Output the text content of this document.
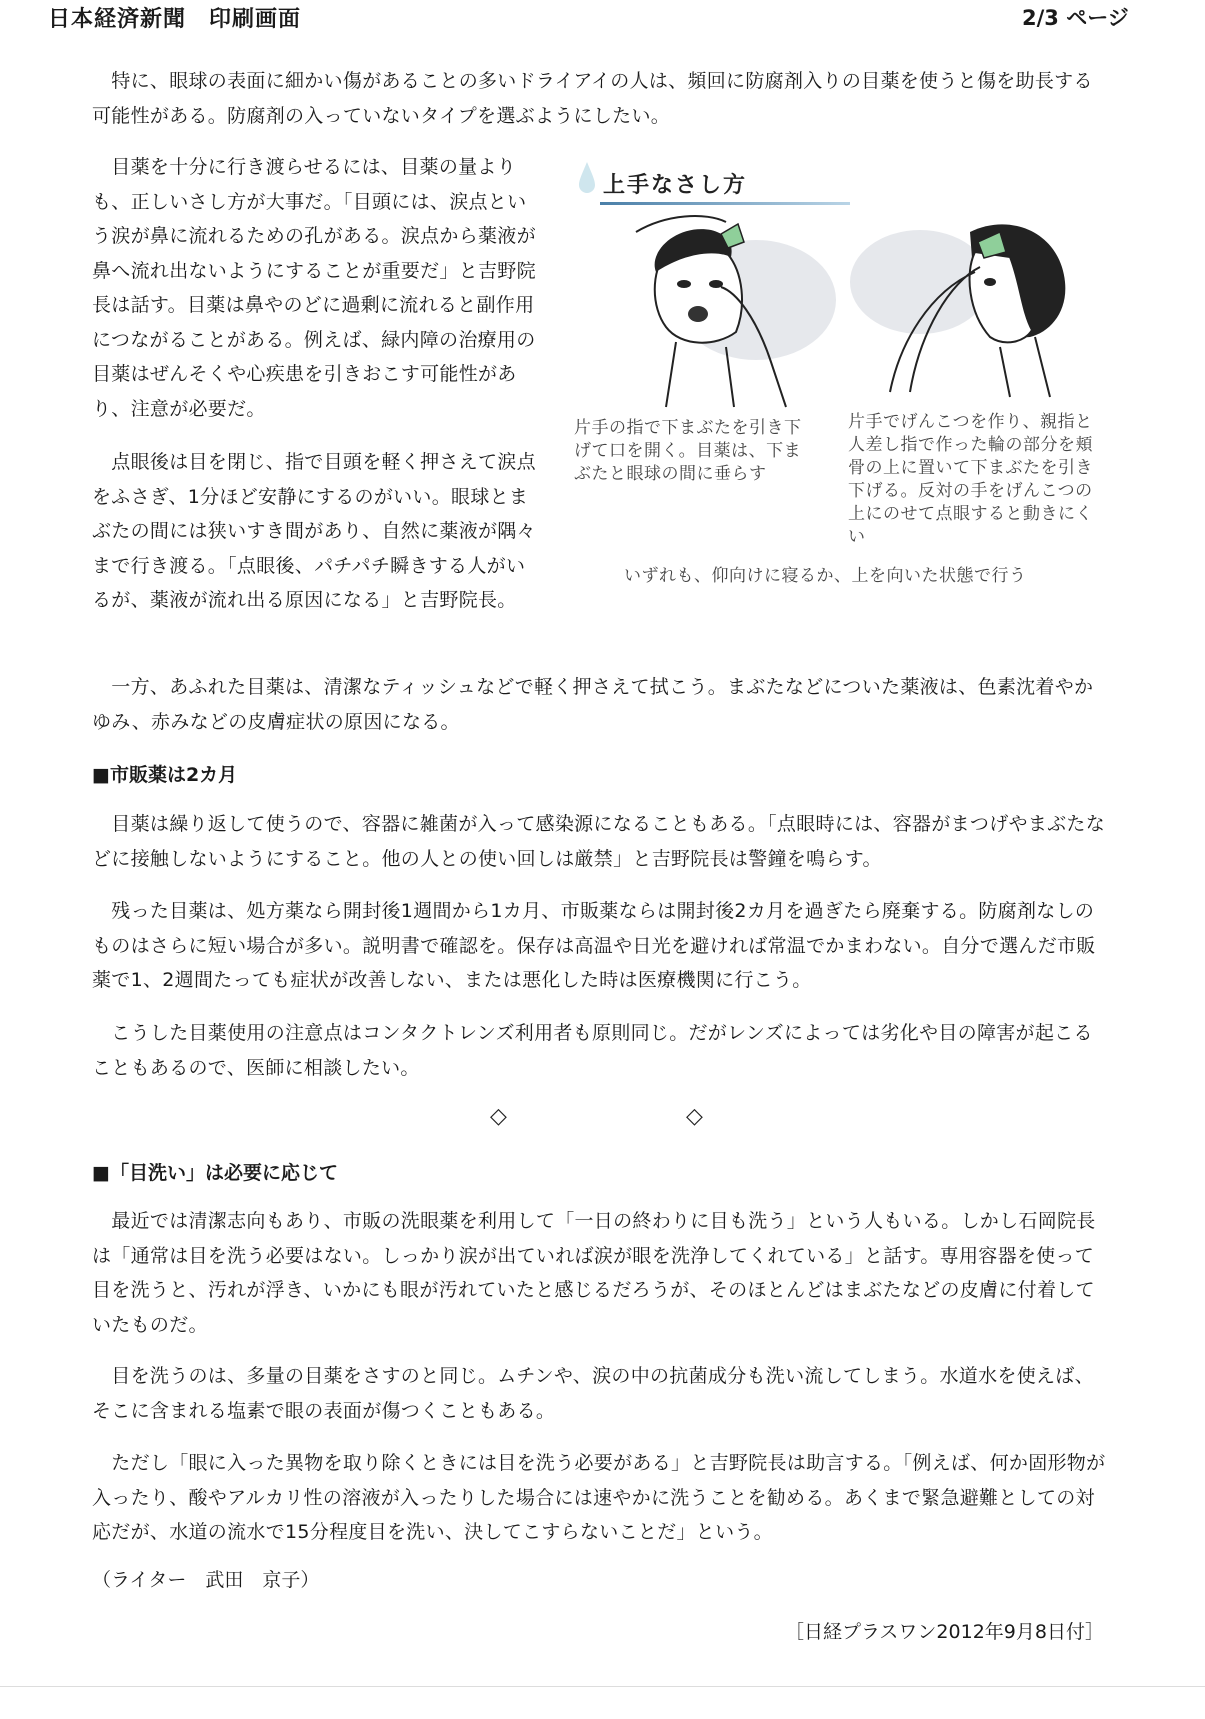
日本経済新聞　印刷画面	2/3 ページ

　特に、眼球の表面に細かい傷があることの多いドライアイの人は、頻回に防腐剤入りの目薬を使うと傷を助長する可能性がある。防腐剤の入っていないタイプを選ぶようにしたい。

　目薬を十分に行き渡らせるには、目薬の量よりも、正しいさし方が大事だ。「目頭には、涙点という涙が鼻に流れるための孔がある。涙点から薬液が鼻へ流れ出ないようにすることが重要だ」と吉野院長は話す。目薬は鼻やのどに過剰に流れると副作用につながることがある。例えば、緑内障の治療用の目薬はぜんそくや心疾患を引きおこす可能性があり、注意が必要だ。

　点眼後は目を閉じ、指で目頭を軽く押さえて涙点をふさぎ、1分ほど安静にするのがいい。眼球とまぶたの間には狭いすき間があり、自然に薬液が隅々まで行き渡る。「点眼後、パチパチ瞬きする人がいるが、薬液が流れ出る原因になる」と吉野院長。

上手なさし方

片手の指で下まぶたを引き下げて口を開く。目薬は、下まぶたと眼球の間に垂らす

片手でげんこつを作り、親指と人差し指で作った輪の部分を頬骨の上に置いて下まぶたを引き下げる。反対の手をげんこつの上にのせて点眼すると動きにくい

いずれも、仰向けに寝るか、上を向いた状態で行う

　一方、あふれた目薬は、清潔なティッシュなどで軽く押さえて拭こう。まぶたなどについた薬液は、色素沈着やかゆみ、赤みなどの皮膚症状の原因になる。

■市販薬は2カ月

　目薬は繰り返して使うので、容器に雑菌が入って感染源になることもある。「点眼時には、容器がまつげやまぶたなどに接触しないようにすること。他の人との使い回しは厳禁」と吉野院長は警鐘を鳴らす。

　残った目薬は、処方薬なら開封後1週間から1カ月、市販薬ならは開封後2カ月を過ぎたら廃棄する。防腐剤なしのものはさらに短い場合が多い。説明書で確認を。保存は高温や日光を避ければ常温でかまわない。自分で選んだ市販薬で1、2週間たっても症状が改善しない、または悪化した時は医療機関に行こう。

　こうした目薬使用の注意点はコンタクトレンズ利用者も原則同じ。だがレンズによっては劣化や目の障害が起こることもあるので、医師に相談したい。

◇	◇

■「目洗い」は必要に応じて

　最近では清潔志向もあり、市販の洗眼薬を利用して「一日の終わりに目も洗う」という人もいる。しかし石岡院長は「通常は目を洗う必要はない。しっかり涙が出ていれば涙が眼を洗浄してくれている」と話す。専用容器を使って目を洗うと、汚れが浮き、いかにも眼が汚れていたと感じるだろうが、そのほとんどはまぶたなどの皮膚に付着していたものだ。

　目を洗うのは、多量の目薬をさすのと同じ。ムチンや、涙の中の抗菌成分も洗い流してしまう。水道水を使えば、そこに含まれる塩素で眼の表面が傷つくこともある。

　ただし「眼に入った異物を取り除くときには目を洗う必要がある」と吉野院長は助言する。「例えば、何か固形物が入ったり、酸やアルカリ性の溶液が入ったりした場合には速やかに洗うことを勧める。あくまで緊急避難としての対応だが、水道の流水で15分程度目を洗い、決してこすらないことだ」という。

（ライター　武田　京子）
［日経プラスワン2012年9月8日付］
